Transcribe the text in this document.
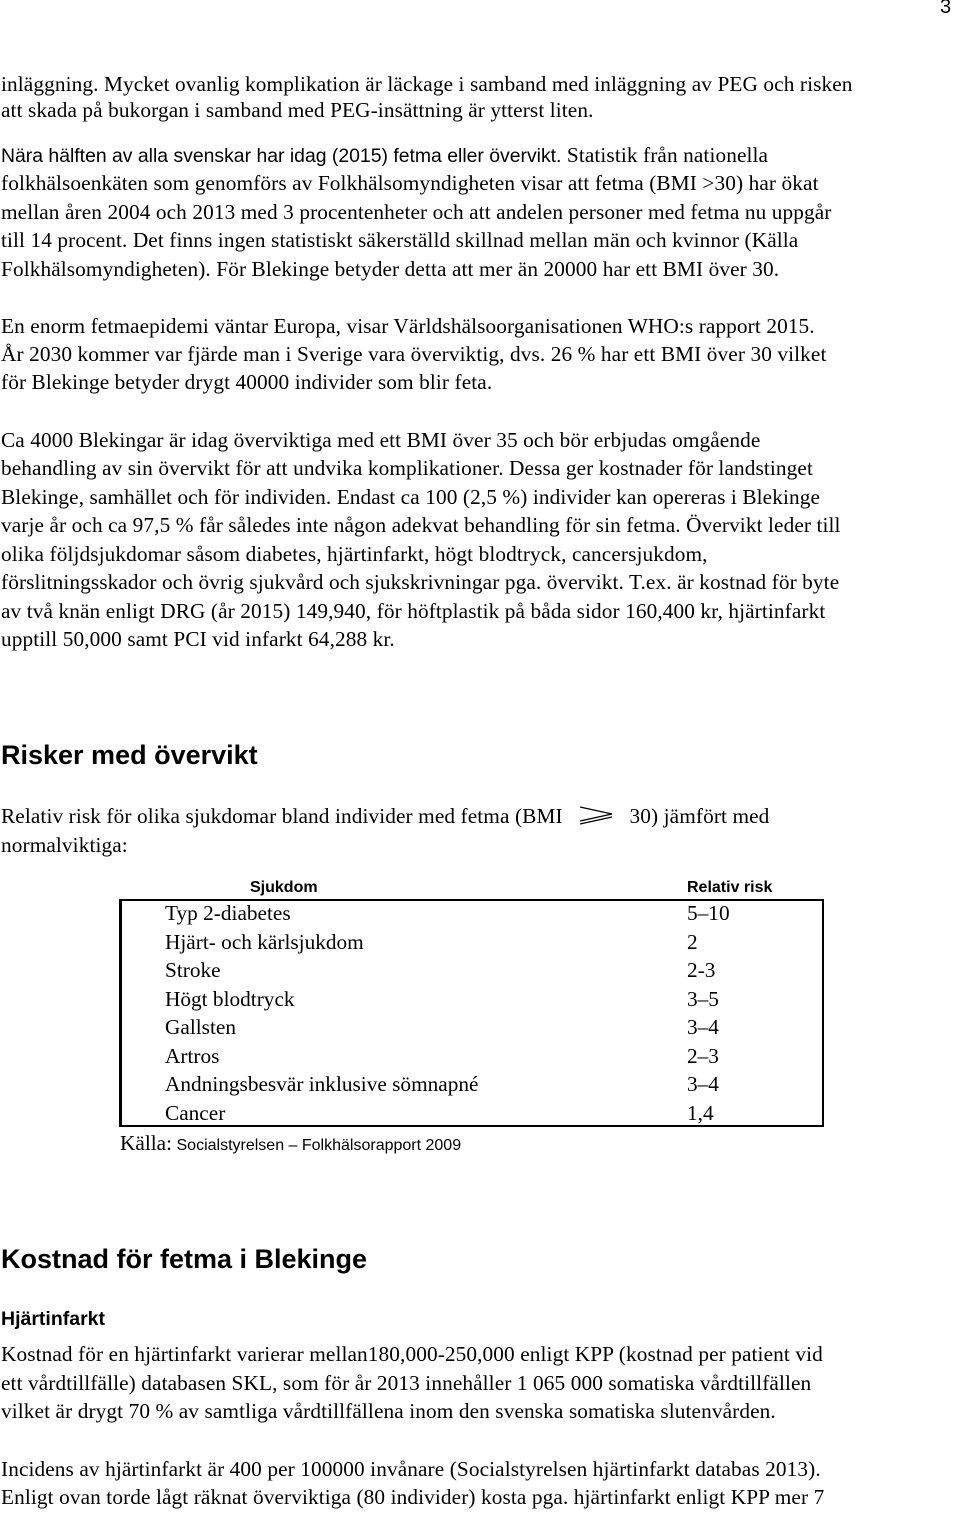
3
inläggning. Mycket ovanlig komplikation är läckage i samband med inläggning av PEG och risken
att skada på bukorgan i samband med PEG-insättning är ytterst liten.
Nära hälften av alla svenskar har idag (2015) fetma eller övervikt. Statistik från nationella
folkhälsoenkäten som genomförs av Folkhälsomyndigheten visar att fetma (BMI >30) har ökat
mellan åren 2004 och 2013 med 3 procentenheter och att andelen personer med fetma nu uppgår
till 14 procent. Det finns ingen statistiskt säkerställd skillnad mellan män och kvinnor (Källa
Folkhälsomyndigheten). För Blekinge betyder detta att mer än 20000 har ett BMI över 30.
En enorm fetmaepidemi väntar Europa, visar Världshälsoorganisationen WHO:s rapport 2015.
År 2030 kommer var fjärde man i Sverige vara överviktig, dvs. 26 % har ett BMI över 30 vilket
för Blekinge betyder drygt 40000 individer som blir feta.
Ca 4000 Blekingar är idag överviktiga med ett BMI över 35 och bör erbjudas omgående
behandling av sin övervikt för att undvika komplikationer. Dessa ger kostnader för landstinget
Blekinge, samhället och för individen. Endast ca 100 (2,5 %) individer kan opereras i Blekinge
varje år och ca 97,5 % får således inte någon adekvat behandling för sin fetma. Övervikt leder till
olika följdsjukdomar såsom diabetes, hjärtinfarkt, högt blodtryck, cancersjukdom,
förslitningsskador och övrig sjukvård och sjukskrivningar pga. övervikt. T.ex. är kostnad för byte
av två knän enligt DRG (år 2015) 149,940, för höftplastik på båda sidor 160,400 kr, hjärtinfarkt
upptill 50,000 samt PCI vid infarkt 64,288 kr.
Risker med övervikt
Relativ risk för olika sjukdomar bland individer med fetma (BMI	30) jämfört med
normalviktiga:
Sjukdom	Relativ risk
Typ 2-diabetes	5–10
Hjärt- och kärlsjukdom	2
Stroke	2-3
Högt blodtryck	3–5
Gallsten	3–4
Artros	2–3
Andningsbesvär inklusive sömnapné	3–4
Cancer	1,4
Källa: Socialstyrelsen – Folkhälsorapport 2009
Kostnad för fetma i Blekinge
Hjärtinfarkt
Kostnad för en hjärtinfarkt varierar mellan180,000-250,000 enligt KPP (kostnad per patient vid
ett vårdtillfälle) databasen SKL, som för år 2013 innehåller 1 065 000 somatiska vårdtillfällen
vilket är drygt 70 % av samtliga vårdtillfällena inom den svenska somatiska slutenvården.
Incidens av hjärtinfarkt är 400 per 100000 invånare (Socialstyrelsen hjärtinfarkt databas 2013).
Enligt ovan torde lågt räknat överviktiga (80 individer) kosta pga. hjärtinfarkt enligt KPP mer 7
